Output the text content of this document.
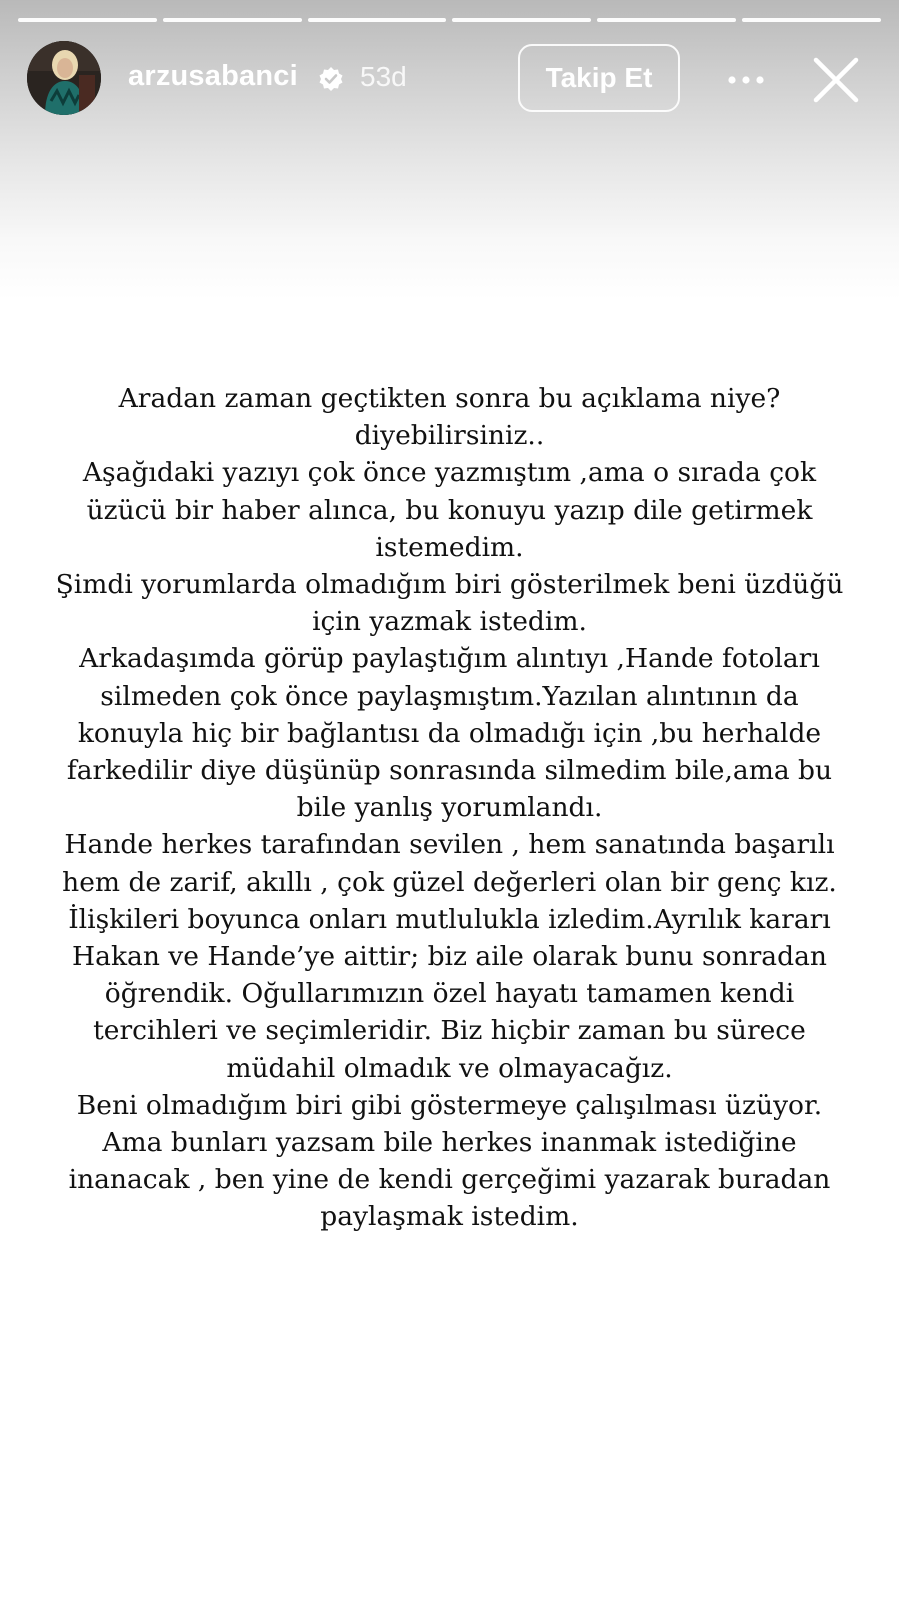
arzusabanci 53d	Takip Et
Aradan zaman geçtikten sonra bu açıklama niye?
diyebilirsiniz..
Aşağıdaki yazıyı çok önce yazmıştım ,ama o sırada çok
üzücü bir haber alınca, bu konuyu yazıp dile getirmek
istemedim.
Şimdi yorumlarda olmadığım biri gösterilmek beni üzdüğü
için yazmak istedim.
Arkadaşımda görüp paylaştığım alıntıyı ,Hande fotoları
silmeden çok önce paylaşmıştım.Yazılan alıntının da
konuyla hiç bir bağlantısı da olmadığı için ,bu herhalde
farkedilir diye düşünüp sonrasında silmedim bile,ama bu
bile yanlış yorumlandı.
Hande herkes tarafından sevilen , hem sanatında başarılı
hem de zarif, akıllı , çok güzel değerleri olan bir genç kız.
İlişkileri boyunca onları mutlulukla izledim.Ayrılık kararı
Hakan ve Hande’ye aittir; biz aile olarak bunu sonradan
öğrendik. Oğullarımızın özel hayatı tamamen kendi
tercihleri ve seçimleridir. Biz hiçbir zaman bu sürece
müdahil olmadık ve olmayacağız.
Beni olmadığım biri gibi göstermeye çalışılması üzüyor.
Ama bunları yazsam bile herkes inanmak istediğine
inanacak , ben yine de kendi gerçeğimi yazarak buradan
paylaşmak istedim.
